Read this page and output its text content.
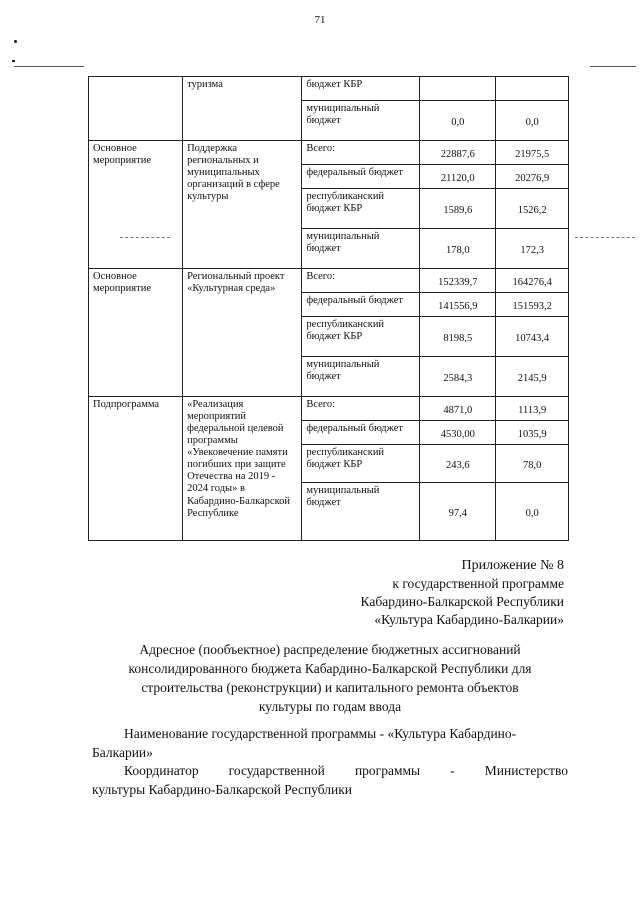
71
	туризма	бюджет КБР		
		муниципальный бюджет	0,0	0,0
Основное мероприятие	Поддержка региональных и муниципальных организаций в сфере культуры	Всего:	22887,6	21975,5
		федеральный бюджет	21120,0	20276,9
		республиканский бюджет КБР	1589,6	1526,2
		муниципальный бюджет	178,0	172,3
Основное мероприятие	Региональный проект «Культурная среда»	Всего:	152339,7	164276,4
		федеральный бюджет	141556,9	151593,2
		республиканский бюджет КБР	8198,5	10743,4
		муниципальный бюджет	2584,3	2145,9
Подпрограмма	«Реализация мероприятий федеральной целевой программы «Увековечение памяти погибших при защите Отечества на 2019 - 2024 годы» в Кабардино-Балкарской Республике	Всего:	4871,0	1113,9
		федеральный бюджет	4530,00	1035,9
		республиканский бюджет КБР	243,6	78,0
		муниципальный бюджет	97,4	0,0
Приложение № 8
к государственной программе
Кабардино-Балкарской Республики
«Культура Кабардино-Балкарии»
Адресное (пообъектное) распределение бюджетных ассигнований
консолидированного бюджета Кабардино-Балкарской Республики для
строительства (реконструкции) и капитального ремонта объектов
культуры по годам ввода
Наименование государственной программы - «Культура Кабардино-Балкарии»
Координатор государственной программы - Министерство
культуры Кабардино-Балкарской Республики
